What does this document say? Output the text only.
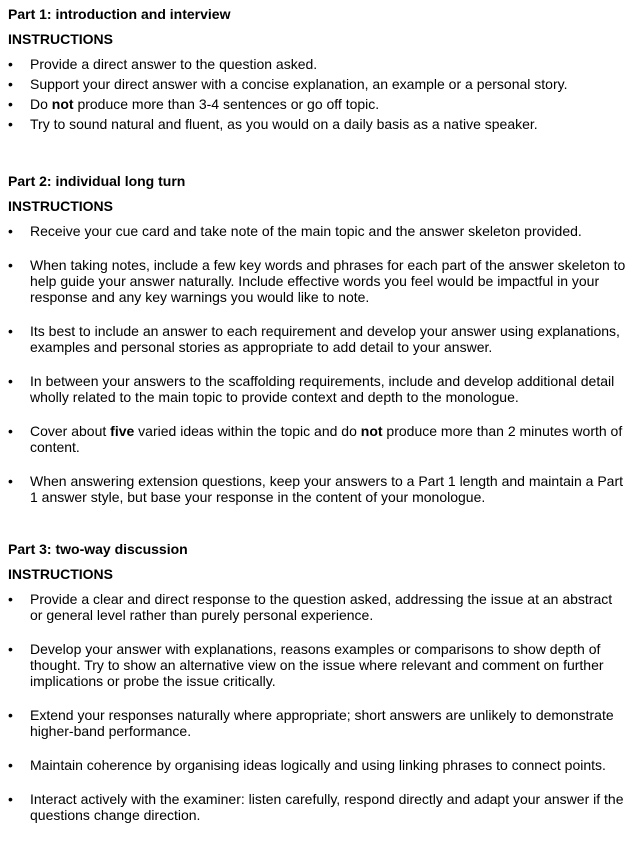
Part 1: introduction and interview
INSTRUCTIONS
•	Provide a direct answer to the question asked.
•	Support your direct answer with a concise explanation, an example or a personal story.
•	Do not produce more than 3-4 sentences or go off topic.
•	Try to sound natural and fluent, as you would on a daily basis as a native speaker.
Part 2: individual long turn
INSTRUCTIONS
•	Receive your cue card and take note of the main topic and the answer skeleton provided.
•	When taking notes, include a few key words and phrases for each part of the answer skeleton to help guide your answer naturally. Include effective words you feel would be impactful in your response and any key warnings you would like to note.
•	Its best to include an answer to each requirement and develop your answer using explanations, examples and personal stories as appropriate to add detail to your answer.
•	In between your answers to the scaffolding requirements, include and develop additional detail wholly related to the main topic to provide context and depth to the monologue.
•	Cover about five varied ideas within the topic and do not produce more than 2 minutes worth of content.
•	When answering extension questions, keep your answers to a Part 1 length and maintain a Part 1 answer style, but base your response in the content of your monologue.
Part 3: two-way discussion
INSTRUCTIONS
•	Provide a clear and direct response to the question asked, addressing the issue at an abstract or general level rather than purely personal experience.
•	Develop your answer with explanations, reasons examples or comparisons to show depth of thought. Try to show an alternative view on the issue where relevant and comment on further implications or probe the issue critically.
•	Extend your responses naturally where appropriate; short answers are unlikely to demonstrate higher-band performance.
•	Maintain coherence by organising ideas logically and using linking phrases to connect points.
•	Interact actively with the examiner: listen carefully, respond directly and adapt your answer if the questions change direction.
